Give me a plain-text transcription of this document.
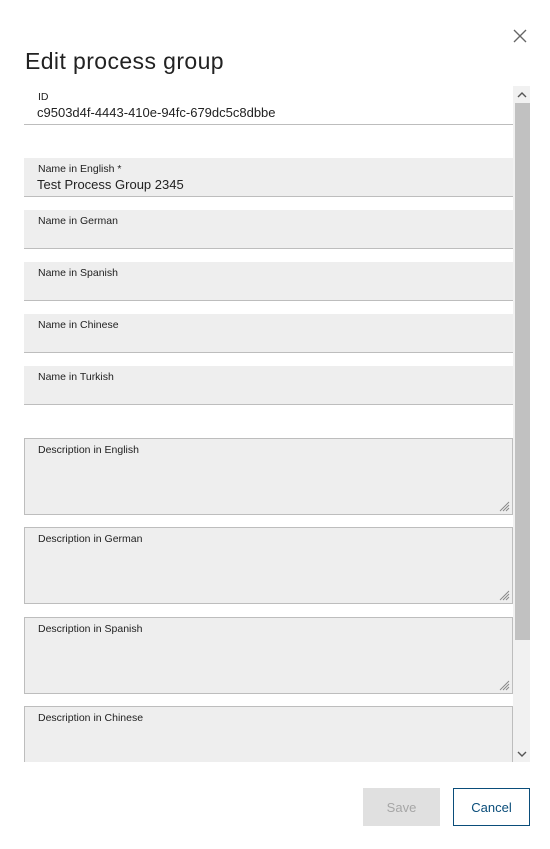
Edit process group
ID
c9503d4f-4443-410e-94fc-679dc5c8dbbe
Name in English *
Test Process Group 2345
Name in German
Name in Spanish
Name in Chinese
Name in Turkish
Description in English
Description in German
Description in Spanish
Description in Chinese
Save	Cancel
